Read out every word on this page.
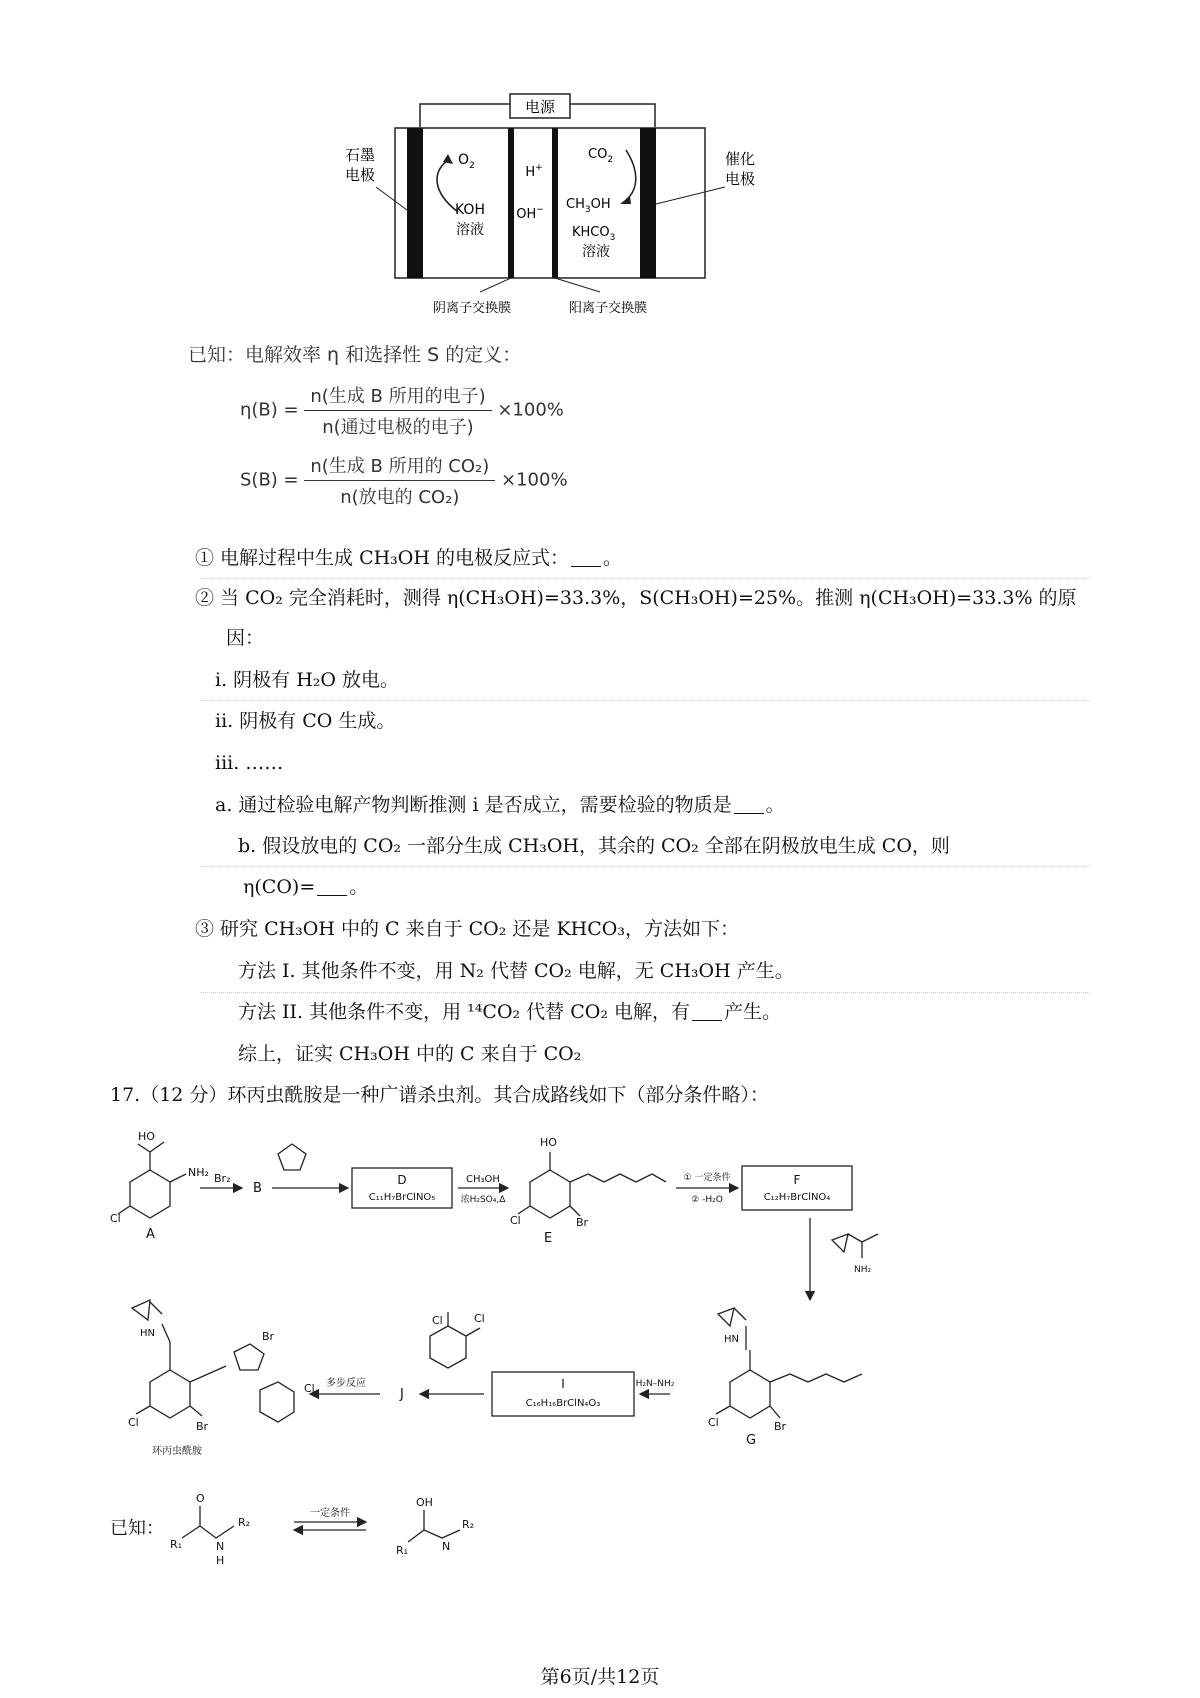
电源
石墨
电极
催化
电极
$O_2$
KOH
溶液
H+
OH−
$CO_2$
$CH_3OH$
$KHCO_3$
溶液
阴离子交换膜	阳离子交换膜
已知：电解效率 η 和选择性 S 的定义：
$\eta(B) = \frac{\text{n(生成 B 所用的电子)}}{\text{n(通过电极的电子)}} \times 100\%$
$S(B) = \frac{\text{n(生成 B 所用的 CO₂)}}{\text{n(放电的 CO₂)}} \times 100\%$
① 电解过程中生成 CH₃OH 的电极反应式： 。
② 当 CO₂ 完全消耗时，测得 η(CH₃OH)=33.3%，S(CH₃OH)=25%。推测 η(CH₃OH)=33.3% 的原
因：
i. 阴极有 H₂O 放电。
ii. 阴极有 CO 生成。
iii. ……
a. 通过检验电解产物判断推测 i 是否成立，需要检验的物质是 。
b. 假设放电的 CO₂ 一部分生成 CH₃OH，其余的 CO₂ 全部在阴极放电生成 CO，则
η(CO)= 。
③ 研究 CH₃OH 中的 C 来自于 CO₂ 还是 KHCO₃，方法如下：
方法 I. 其他条件不变，用 N₂ 代替 CO₂ 电解，无 CH₃OH 产生。
方法 II. 其他条件不变，用 ¹⁴CO₂ 代替 CO₂ 电解，有 产生。
综上，证实 CH₃OH 中的 C 来自于 CO₂
17.（12 分）环丙虫酰胺是一种广谱杀虫剂。其合成路线如下（部分条件略）：
HO
NH₂
Cl
A
Br₂
B
D
C₁₁H₇BrClNO₅
CH₃OH
浓H₂SO₄,Δ
HO
Cl	Br
E
① 一定条件
② -H₂O
F
C₁₂H₇BrClNO₄
NH₂
HN
Cl	Br
G
H₂N–NH₂
I
C₁₆H₁₆BrClN₄O₃
Cl	Cl
J
多步反应
HN
Cl	Br
Br
Cl
环丙虫酰胺
已知：
O
R₁	N
H
R₂
一定条件
OH
R₁	N
R₂
第6页/共12页
